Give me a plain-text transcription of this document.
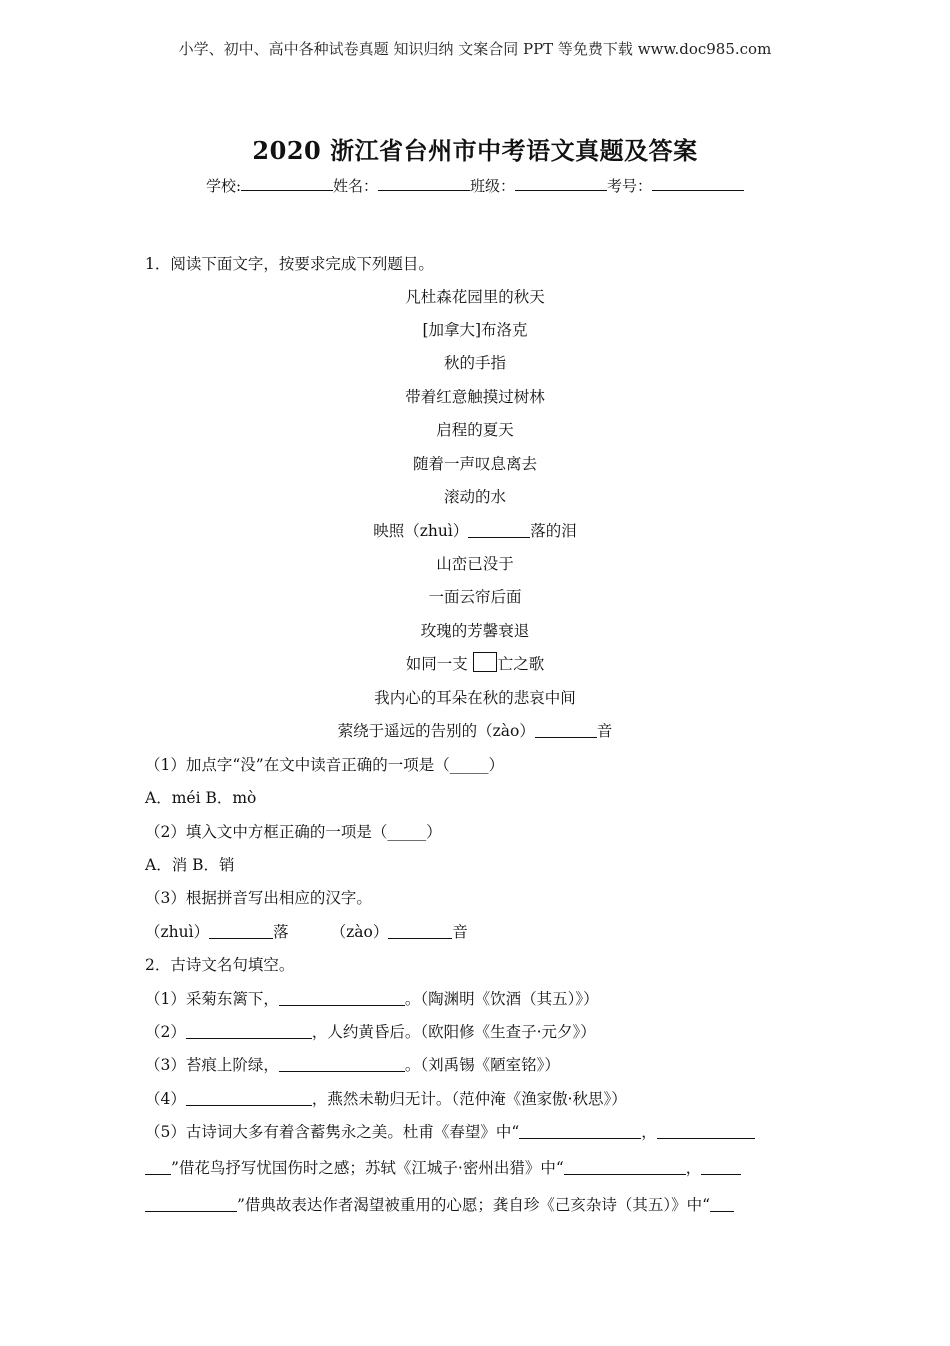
小学、初中、高中各种试卷真题 知识归纳 文案合同 PPT 等免费下载 www.doc985.com
2020 浙江省台州市中考语文真题及答案
学校:	姓名：	班级：	考号：
1．阅读下面文字，按要求完成下列题目。
凡杜森花园里的秋天
[加拿大]布洛克
秋的手指
带着红意触摸过树林
启程的夏天
随着一声叹息离去
滚动的水
映照（zhuì）	落的泪
山峦已没于
一面云帘后面
玫瑰的芳馨衰退
如同一支 亡之歌
我内心的耳朵在秋的悲哀中间
萦绕于遥远的告别的（zào）	音
（1）加点字“没”在文中读音正确的一项是（_____）
A．méi B．mò
（2）填入文中方框正确的一项是（_____）
A．消 B．销
（3）根据拼音写出相应的汉字。
（zhuì）	落	（zào）	音
2．古诗文名句填空。
（1）采菊东篱下，	。（陶渊明《饮酒（其五）》）
（2）	，人约黄昏后。（欧阳修《生查子·元夕》）
（3）苔痕上阶绿，	。（刘禹锡《陋室铭》）
（4）	，燕然未勒归无计。（范仲淹《渔家傲·秋思》）
（5）古诗词大多有着含蓄隽永之美。杜甫《春望》中“	，
”借花鸟抒写忧国伤时之感；苏轼《江城子·密州出猎》中“	，
”借典故表达作者渴望被重用的心愿；龚自珍《己亥杂诗（其五）》中“
